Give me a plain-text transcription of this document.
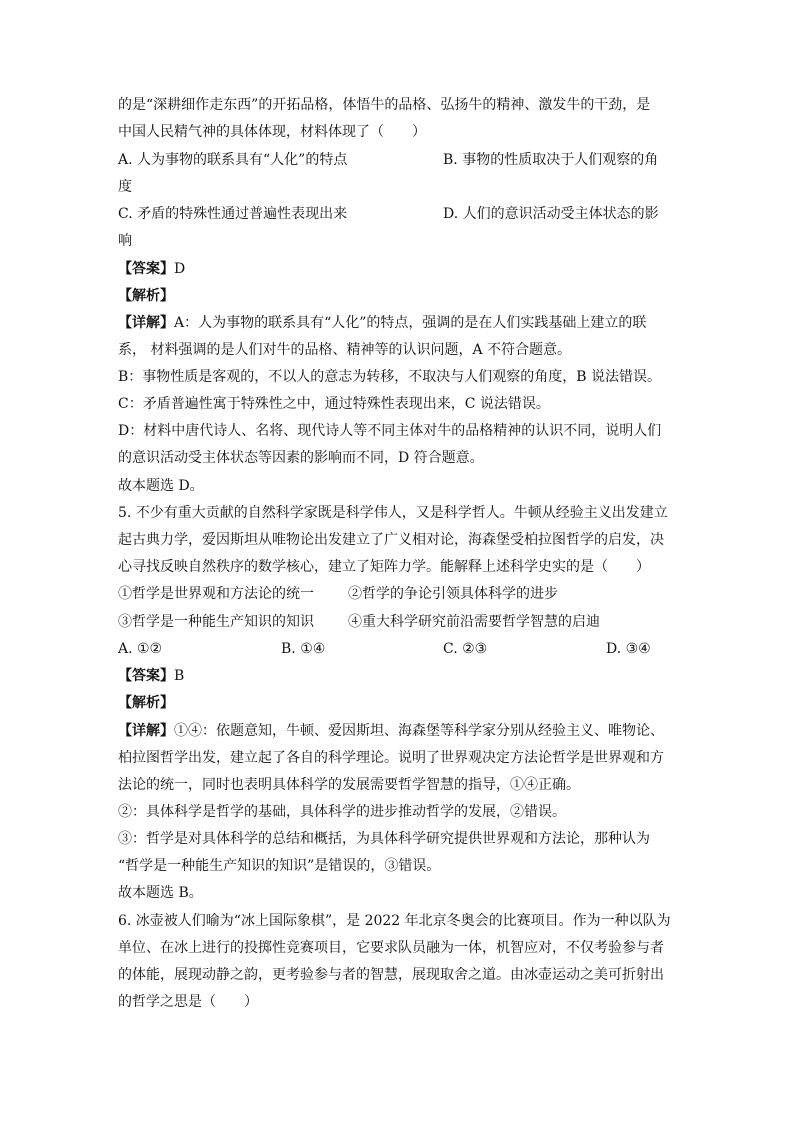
的是“深耕细作走东西”的开拓品格，体悟牛的品格、弘扬牛的精神、激发牛的干劲，是
中国人民精气神的具体体现，材料体现了（　　）
A. 人为事物的联系具有“人化”的特点	B. 事物的性质取决于人们观察的角
度
C. 矛盾的特殊性通过普遍性表现出来	D. 人们的意识活动受主体状态的影
响
【答案】D
【解析】
【详解】A：人为事物的联系具有“人化”的特点，强调的是在人们实践基础上建立的联
系， 材料强调的是人们对牛的品格、精神等的认识问题，A 不符合题意。
B：事物性质是客观的，不以人的意志为转移，不取决与人们观察的角度，B 说法错误。
C：矛盾普遍性寓于特殊性之中，通过特殊性表现出来，C 说法错误。
D：材料中唐代诗人、名将、现代诗人等不同主体对牛的品格精神的认识不同，说明人们
的意识活动受主体状态等因素的影响而不同，D 符合题意。
故本题选 D。
5. 不少有重大贡献的自然科学家既是科学伟人，又是科学哲人。牛顿从经验主义出发建立
起古典力学，爱因斯坦从唯物论出发建立了广义相对论，海森堡受柏拉图哲学的启发，决
心寻找反映自然秩序的数学核心，建立了矩阵力学。能解释上述科学史实的是（　　）
①哲学是世界观和方法论的统一 ②哲学的争论引领具体科学的进步
③哲学是一种能生产知识的知识 ④重大科学研究前沿需要哲学智慧的启迪
A. ①②	B. ①④	C. ②③	D. ③④
【答案】B
【解析】
【详解】①④：依题意知，牛顿、爱因斯坦、海森堡等科学家分别从经验主义、唯物论、
柏拉图哲学出发，建立起了各自的科学理论。说明了世界观决定方法论哲学是世界观和方
法论的统一，同时也表明具体科学的发展需要哲学智慧的指导，①④正确。
②：具体科学是哲学的基础，具体科学的进步推动哲学的发展，②错误。
③：哲学是对具体科学的总结和概括，为具体科学研究提供世界观和方法论，那种认为
“哲学是一种能生产知识的知识”是错误的，③错误。
故本题选 B。
6. 冰壶被人们喻为“冰上国际象棋”，是 2022 年北京冬奥会的比赛项目。作为一种以队为
单位、在冰上进行的投掷性竞赛项目，它要求队员融为一体，机智应对，不仅考验参与者
的体能，展现动静之韵，更考验参与者的智慧，展现取舍之道。由冰壶运动之美可折射出
的哲学之思是（　　）
